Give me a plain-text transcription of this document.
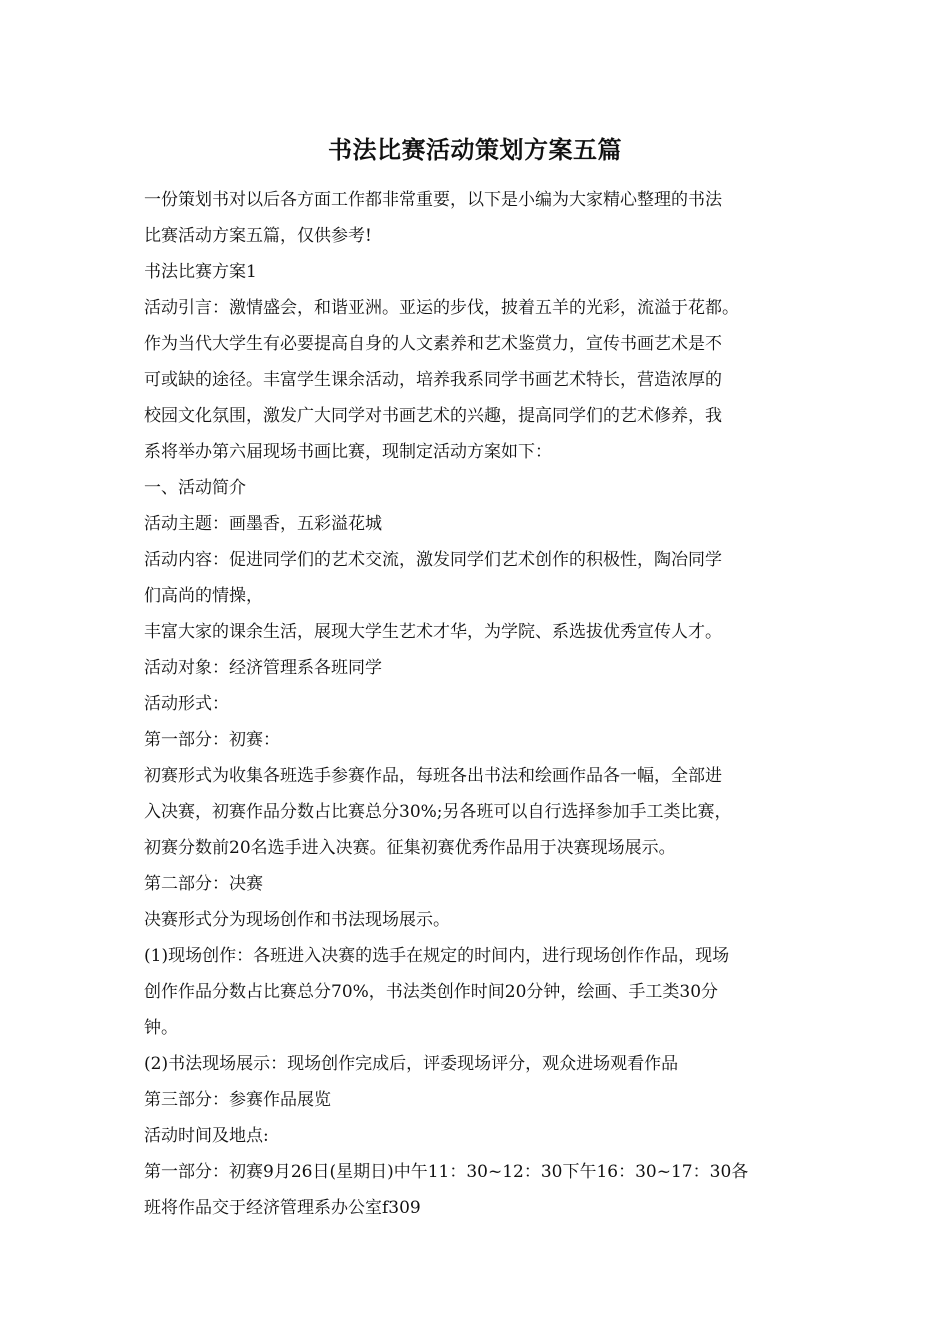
书法比赛活动策划方案五篇
一份策划书对以后各方面工作都非常重要，以下是小编为大家精心整理的书法
比赛活动方案五篇，仅供参考!
书法比赛方案1
活动引言：激情盛会，和谐亚洲。亚运的步伐，披着五羊的光彩，流溢于花都。
作为当代大学生有必要提高自身的人文素养和艺术鉴赏力，宣传书画艺术是不
可或缺的途径。丰富学生课余活动，培养我系同学书画艺术特长，营造浓厚的
校园文化氛围，激发广大同学对书画艺术的兴趣，提高同学们的艺术修养，我
系将举办第六届现场书画比赛，现制定活动方案如下：
一、活动简介
活动主题：画墨香，五彩溢花城
活动内容：促进同学们的艺术交流，激发同学们艺术创作的积极性，陶冶同学
们高尚的情操，
丰富大家的课余生活，展现大学生艺术才华，为学院、系选拔优秀宣传人才。
活动对象：经济管理系各班同学
活动形式：
第一部分：初赛：
初赛形式为收集各班选手参赛作品，每班各出书法和绘画作品各一幅，全部进
入决赛，初赛作品分数占比赛总分30%;另各班可以自行选择参加手工类比赛，
初赛分数前20名选手进入决赛。征集初赛优秀作品用于决赛现场展示。
第二部分：决赛
决赛形式分为现场创作和书法现场展示。
(1)现场创作：各班进入决赛的选手在规定的时间内，进行现场创作作品，现场
创作作品分数占比赛总分70%，书法类创作时间20分钟，绘画、手工类30分
钟。
(2)书法现场展示：现场创作完成后，评委现场评分，观众进场观看作品
第三部分：参赛作品展览
活动时间及地点:
第一部分：初赛9月26日(星期日)中午11：30~12：30下午16：30~17：30各
班将作品交于经济管理系办公室f309
